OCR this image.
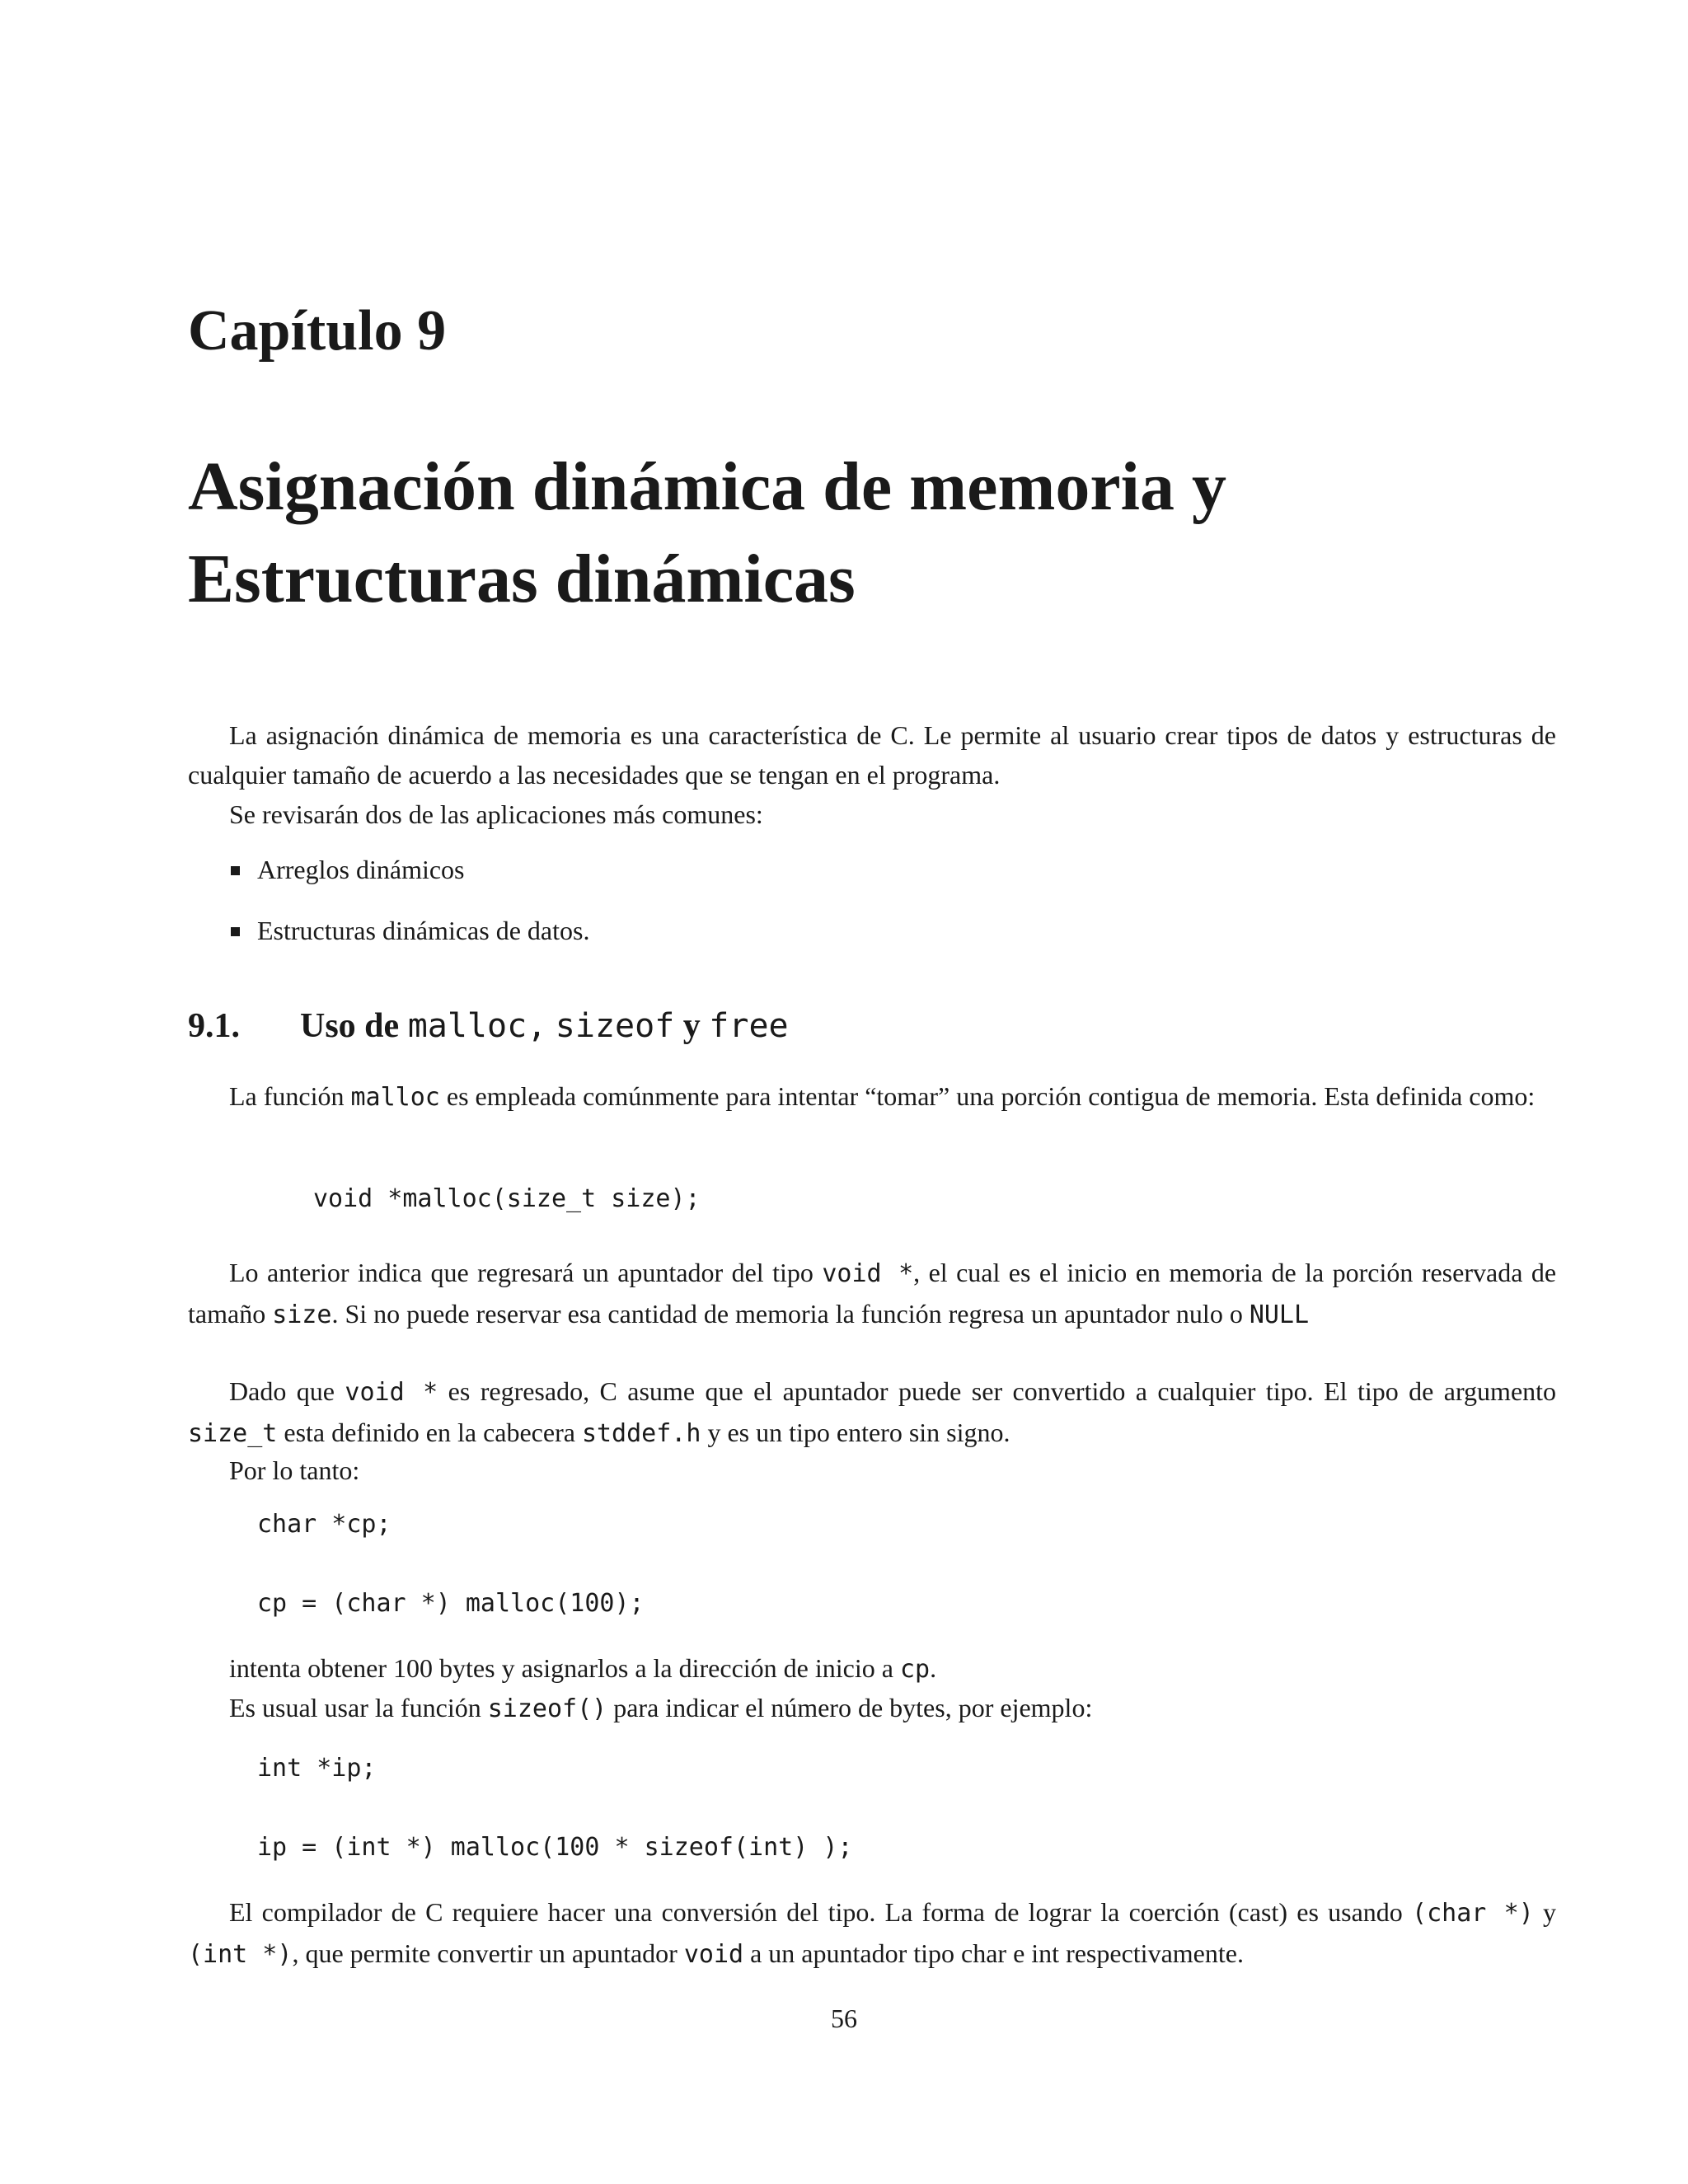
Capítulo 9
Asignación dinámica de memoria y
Estructuras dinámicas

La asignación dinámica de memoria es una característica de C. Le permite al usuario crear tipos de datos y estructuras de cualquier tamaño de acuerdo a las necesidades que se tengan en el programa.

Se revisarán dos de las aplicaciones más comunes:

Arreglos dinámicos
Estructuras dinámicas de datos.
9.1. Uso de malloc, sizeof y free

La función malloc es empleada comúnmente para intentar “tomar” una porción contigua de memoria. Esta definida como:

void *malloc(size_t size);

Lo anterior indica que regresará un apuntador del tipo void *, el cual es el inicio en memoria de la porción reservada de tamaño size. Si no puede reservar esa cantidad de memoria la función regresa un apuntador nulo o NULL

Dado que void * es regresado, C asume que el apuntador puede ser convertido a cualquier tipo. El tipo de argumento size_t esta definido en la cabecera stddef.h y es un tipo entero sin signo.

Por lo tanto:

char *cp;
cp = (char *) malloc(100);

intenta obtener 100 bytes y asignarlos a la dirección de inicio a cp.

Es usual usar la función sizeof() para indicar el número de bytes, por ejemplo:

int *ip;
ip = (int *) malloc(100 * sizeof(int) );

El compilador de C requiere hacer una conversión del tipo. La forma de lograr la coerción (cast) es usando (char *) y (int *), que permite convertir un apuntador void a un apuntador tipo char e int respectivamente.

56
